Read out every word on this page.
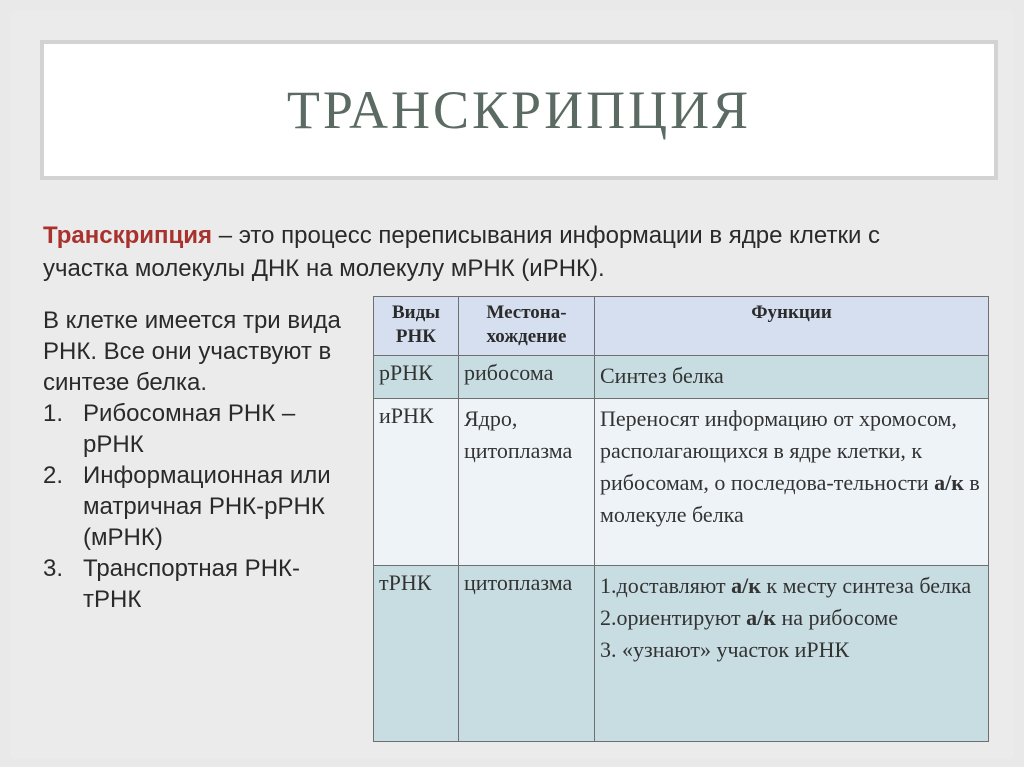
ТРАНСКРИПЦИЯ
Транскрипция – это процесс переписывания информации в ядре клетки с участка молекулы ДНК на молекулу мРНК (иРНК).
В клетке имеется три вида РНК. Все они участвуют в синтезе белка.
1. Рибосомная РНК – рРНК
2. Информационная или матричная РНК-рРНК (мРНК)
3. Транспортная РНК-тРНК
Виды РНК	Местона-хождение	Функции
рРНК	рибосома	Синтез белка
иРНК	Ядро, цитоплазма	Переносят информацию от хромосом, располагающихся в ядре клетки, к рибосомам, о последова-тельности а/к в молекуле белка
тРНК	цитоплазма	1.доставляют а/к к месту синтеза белка
2.ориентируют а/к на рибосоме
3. «узнают» участок иРНК
